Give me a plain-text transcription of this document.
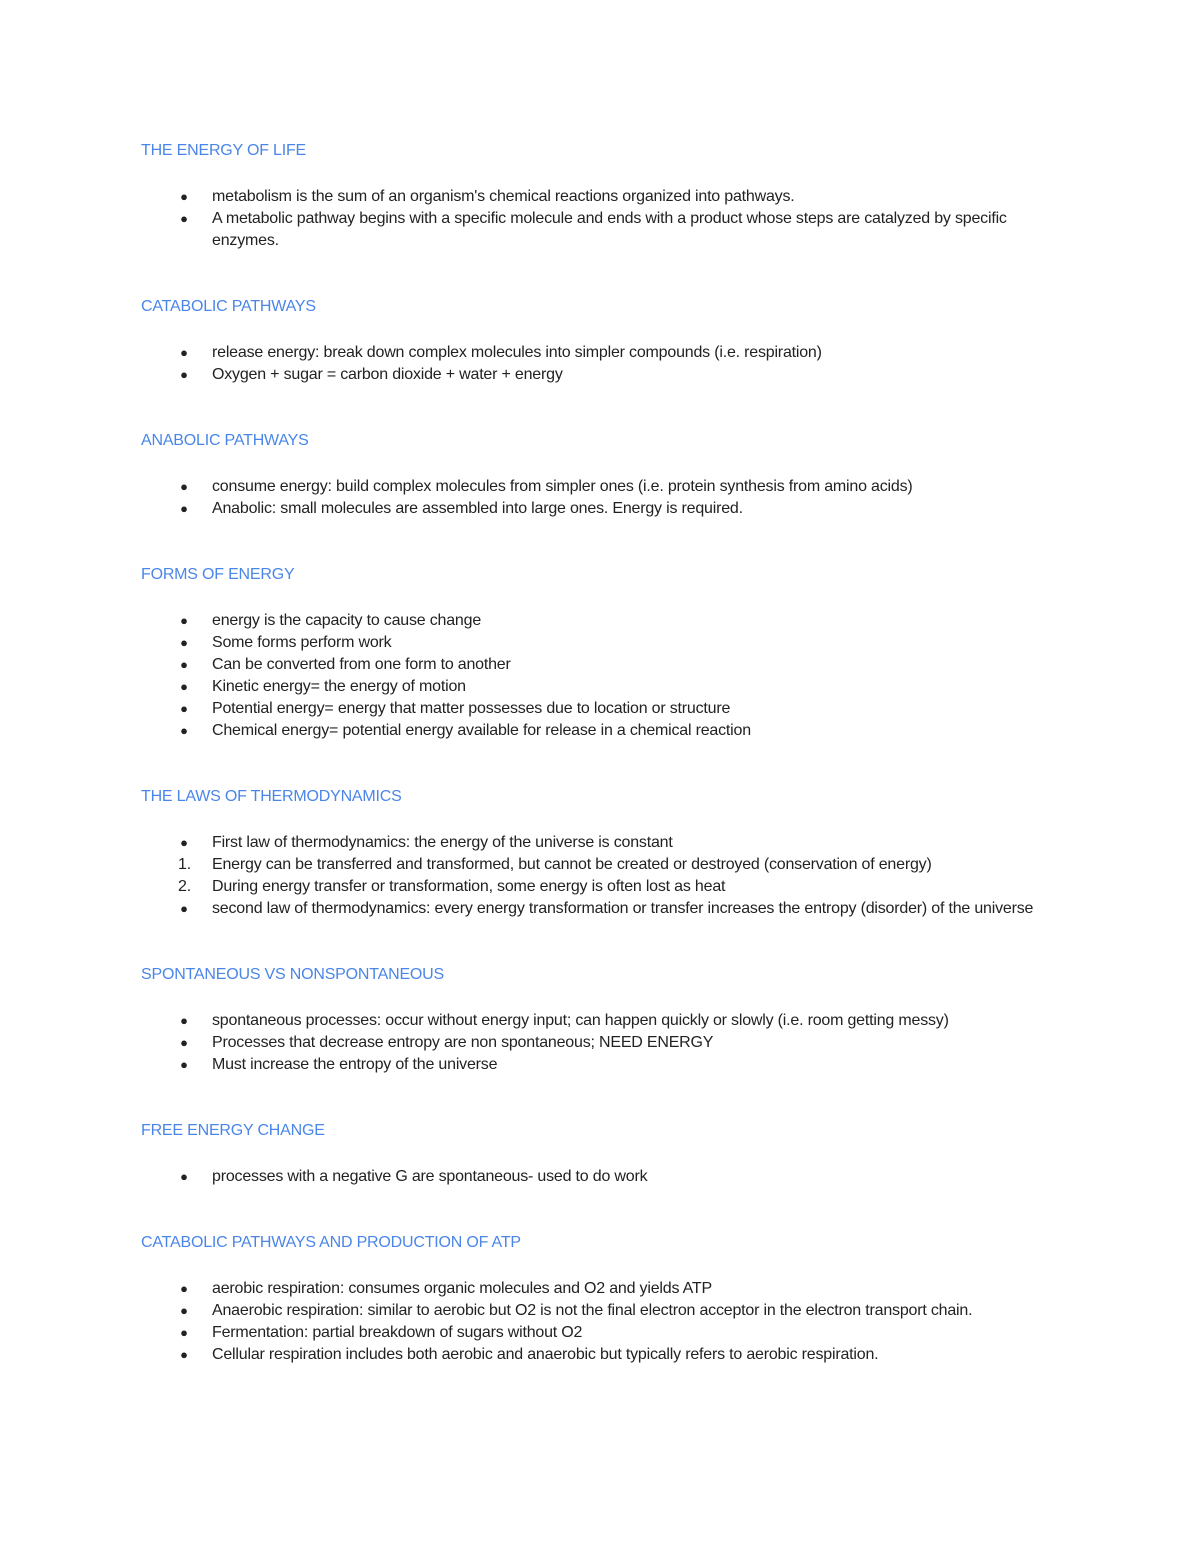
THE ENERGY OF LIFE
●	metabolism is the sum of an organism's chemical reactions organized into pathways.
●	A metabolic pathway begins with a specific molecule and ends with a product whose steps are catalyzed by specific enzymes.
CATABOLIC PATHWAYS
●	release energy: break down complex molecules into simpler compounds (i.e. respiration)
●	Oxygen + sugar = carbon dioxide + water + energy
ANABOLIC PATHWAYS
●	consume energy: build complex molecules from simpler ones (i.e. protein synthesis from amino acids)
●	Anabolic: small molecules are assembled into large ones. Energy is required.
FORMS OF ENERGY
●	energy is the capacity to cause change
●	Some forms perform work
●	Can be converted from one form to another
●	Kinetic energy= the energy of motion
●	Potential energy= energy that matter possesses due to location or structure
●	Chemical energy= potential energy available for release in a chemical reaction
THE LAWS OF THERMODYNAMICS
●	First law of thermodynamics: the energy of the universe is constant
1. Energy can be transferred and transformed, but cannot be created or destroyed (conservation of energy)
2. During energy transfer or transformation, some energy is often lost as heat
●	second law of thermodynamics: every energy transformation or transfer increases the entropy (disorder) of the universe
SPONTANEOUS VS NONSPONTANEOUS
●	spontaneous processes: occur without energy input; can happen quickly or slowly (i.e. room getting messy)
●	Processes that decrease entropy are non spontaneous; NEED ENERGY
●	Must increase the entropy of the universe
FREE ENERGY CHANGE
●	processes with a negative G are spontaneous- used to do work
CATABOLIC PATHWAYS AND PRODUCTION OF ATP
●	aerobic respiration: consumes organic molecules and O2 and yields ATP
●	Anaerobic respiration: similar to aerobic but O2 is not the final electron acceptor in the electron transport chain.
●	Fermentation: partial breakdown of sugars without O2
●	Cellular respiration includes both aerobic and anaerobic but typically refers to aerobic respiration.
